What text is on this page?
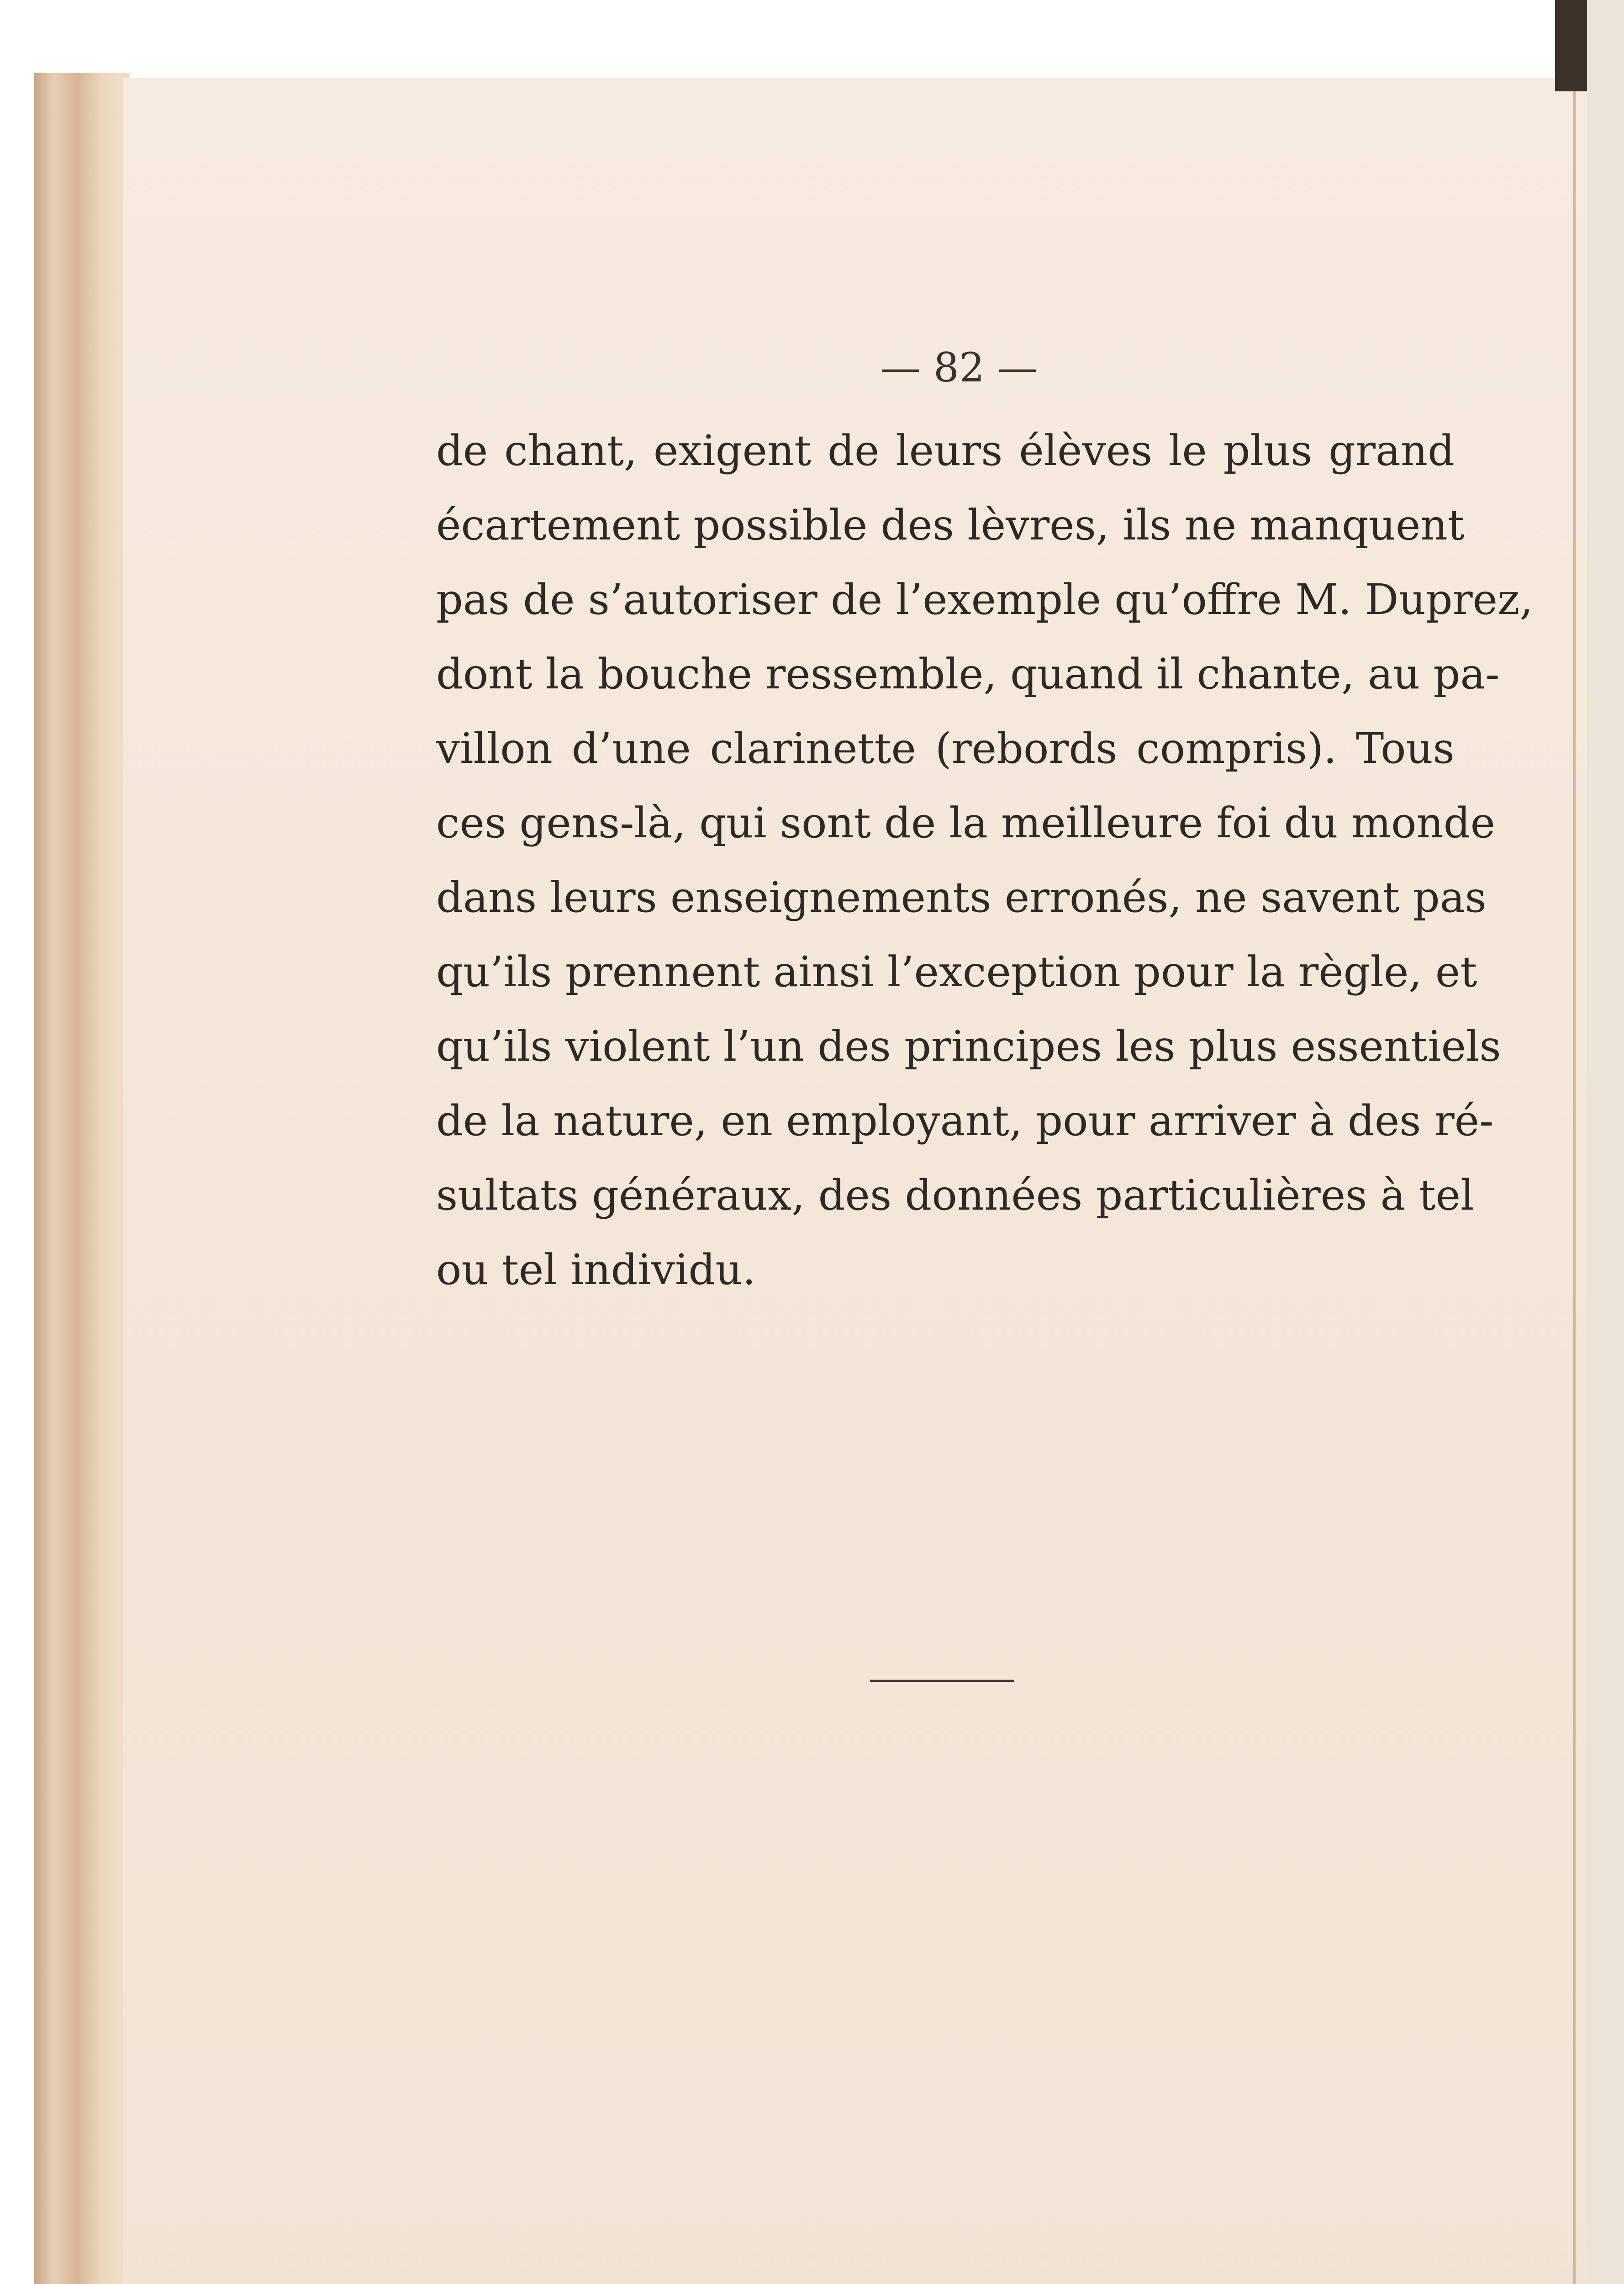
— 82 —
de chant, exigent de leurs élèves le plus grand
écartement possible des lèvres, ils ne manquent
pas de s’autoriser de l’exemple qu’offre M. Duprez,
dont la bouche ressemble, quand il chante, au pa-
villon d’une clarinette (rebords compris). Tous
ces gens-là, qui sont de la meilleure foi du monde
dans leurs enseignements erronés, ne savent pas
qu’ils prennent ainsi l’exception pour la règle, et
qu’ils violent l’un des principes les plus essentiels
de la nature, en employant, pour arriver à des ré-
sultats généraux, des données particulières à tel
ou tel individu.
